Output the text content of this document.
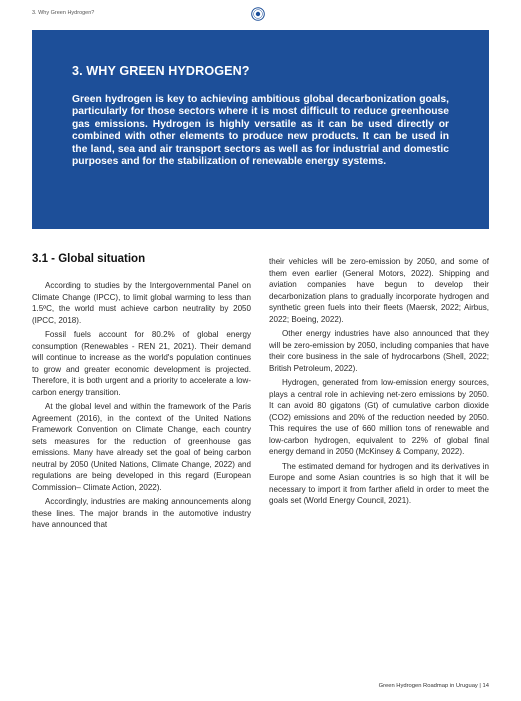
3. Why Green Hydrogen?
3. WHY GREEN HYDROGEN?

Green hydrogen is key to achieving ambitious global decarbonization goals, particularly for those sectors where it is most difficult to reduce greenhouse gas emissions. Hydrogen is highly versatile as it can be used directly or combined with other elements to produce new products. It can be used in the land, sea and air transport sectors as well as for industrial and domestic purposes and for the stabilization of renewable energy systems.

3.1 - Global situation

According to studies by the Intergovernmental Panel on Climate Change (IPCC), to limit global warming to less than 1.5ºC, the world must achieve carbon neutrality by 2050 (IPCC, 2018).

Fossil fuels account for 80.2% of global energy consumption (Renewables - REN 21, 2021). Their demand will continue to increase as the world's population continues to grow and greater economic development is projected. Therefore, it is both urgent and a priority to accelerate a low-carbon energy transition.

At the global level and within the framework of the Paris Agreement (2016), in the context of the United Nations Framework Convention on Climate Change, each country sets measures for the reduction of greenhouse gas emissions. Many have already set the goal of being carbon neutral by 2050 (United Nations, Climate Change, 2022) and regulations are being developed in this regard (European Commission– Climate Action, 2022).

Accordingly, industries are making announcements along these lines. The major brands in the automotive industry have announced that

their vehicles will be zero-emission by 2050, and some of them even earlier (General Motors, 2022). Shipping and aviation companies have begun to develop their decarbonization plans to gradually incorporate hydrogen and synthetic green fuels into their fleets (Maersk, 2022; Airbus, 2022; Boeing, 2022).

Other energy industries have also announced that they will be zero-emission by 2050, including companies that have their core business in the sale of hydrocarbons (Shell, 2022; British Petroleum, 2022).

Hydrogen, generated from low-emission energy sources, plays a central role in achieving net-zero emissions by 2050. It can avoid 80 gigatons (Gt) of cumulative carbon dioxide (CO2) emissions and 20% of the reduction needed by 2050. This requires the use of 660 million tons of renewable and low-carbon hydrogen, equivalent to 22% of global final energy demand in 2050 (McKinsey & Company, 2022).

The estimated demand for hydrogen and its derivatives in Europe and some Asian countries is so high that it will be necessary to import it from farther afield in order to meet the goals set (World Energy Council, 2021).

Green Hydrogen Roadmap in Uruguay | 14
